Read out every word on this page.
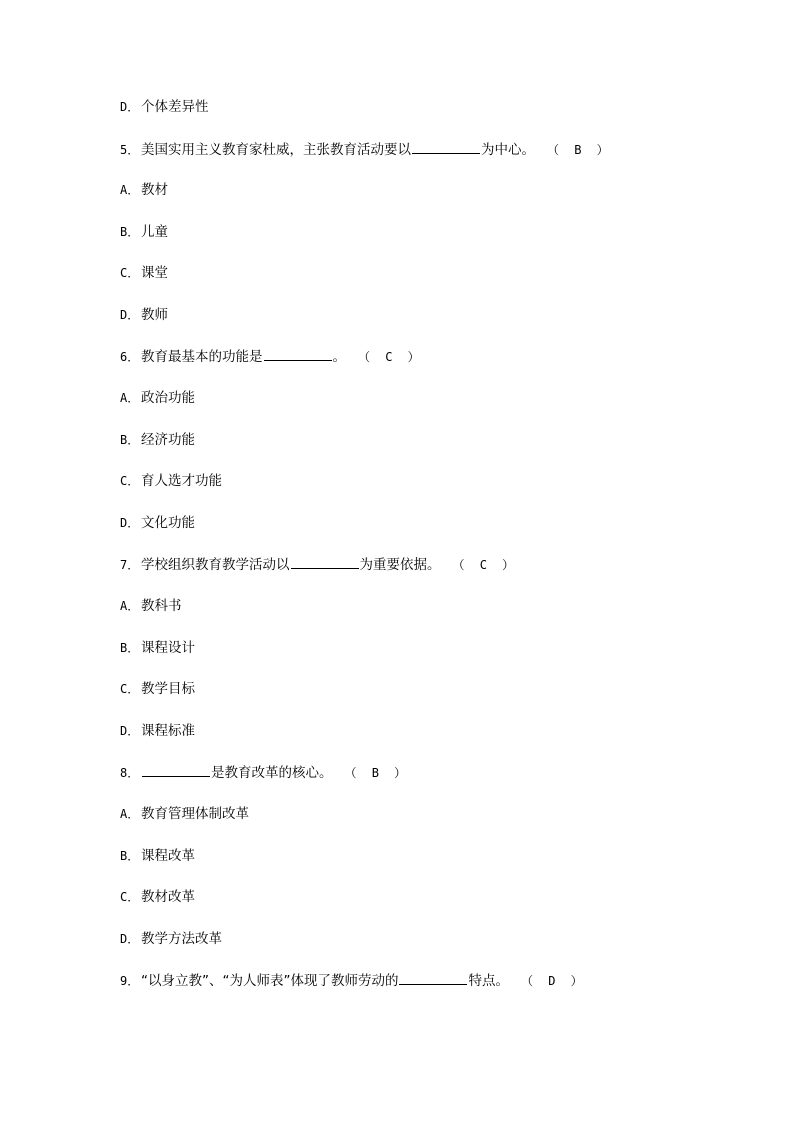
D． 个体差异性
5． 美国实用主义教育家杜威，主张教育活动要以	为中心。 （ B ）
A． 教材
B． 儿童
C． 课堂
D． 教师
6． 教育最基本的功能是	。 （ C ）
A． 政治功能
B． 经济功能
C． 育人选才功能
D． 文化功能
7． 学校组织教育教学活动以	为重要依据。 （ C ）
A． 教科书
B． 课程设计
C． 教学目标
D． 课程标准
8．	是教育改革的核心。 （ B ）
A． 教育管理体制改革
B． 课程改革
C． 教材改革
D． 教学方法改革
9． “以身立教”、“为人师表”体现了教师劳动的	特点。 （ D ）
